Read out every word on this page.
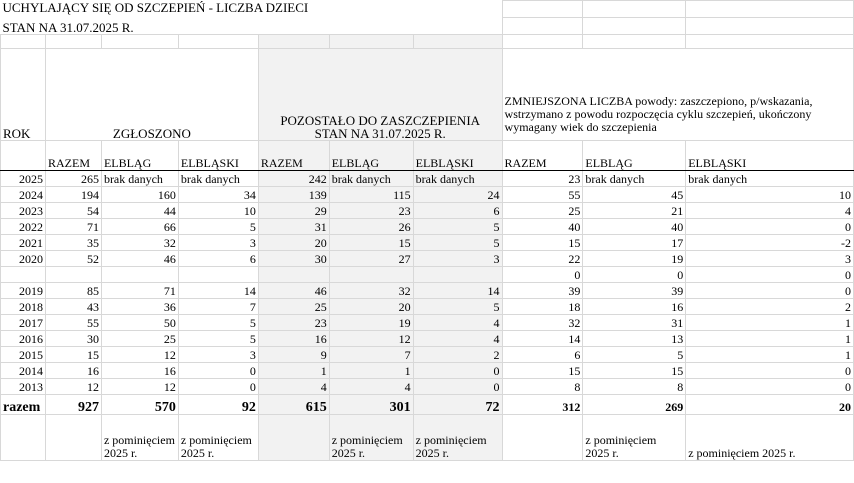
UCHYLAJĄCY SIĘ OD SZCZEPIEŃ - LICZBA DZIECI									
STAN NA 31.07.2025 R.									

ROK	ZGŁOSZONO			POZOSTAŁO DO ZASZCZEPIENIA
STAN NA 31.07.2025 R.			ZMNIEJSZONA LICZBA powody: zaszczepiono, p/wskazania, wstrzymano z powodu rozpoczęcia cyklu szczepień, ukończony wymagany wiek do szczepienia		
	RAZEM	ELBLĄG	ELBLĄSKI	RAZEM	ELBLĄG	ELBLĄSKI	RAZEM	ELBLĄG	ELBLĄSKI
2025	265	brak danych	brak danych	242	brak danych	brak danych	23	brak danych	brak danych
2024	194	160	34	139	115	24	55	45	10
2023	54	44	10	29	23	6	25	21	4
2022	71	66	5	31	26	5	40	40	0
2021	35	32	3	20	15	5	15	17	-2
2020	52	46	6	30	27	3	22	19	3
							0	0	0
2019	85	71	14	46	32	14	39	39	0
2018	43	36	7	25	20	5	18	16	2
2017	55	50	5	23	19	4	32	31	1
2016	30	25	5	16	12	4	14	13	1
2015	15	12	3	9	7	2	6	5	1
2014	16	16	0	1	1	0	15	15	0
2013	12	12	0	4	4	0	8	8	0
razem	927	570	92	615	301	72	312	269	20
		z pominięciem 2025 r.	z pominięciem 2025 r.		z pominięciem 2025 r.	z pominięciem 2025 r.		z pominięciem 2025 r.	z pominięciem 2025 r.
